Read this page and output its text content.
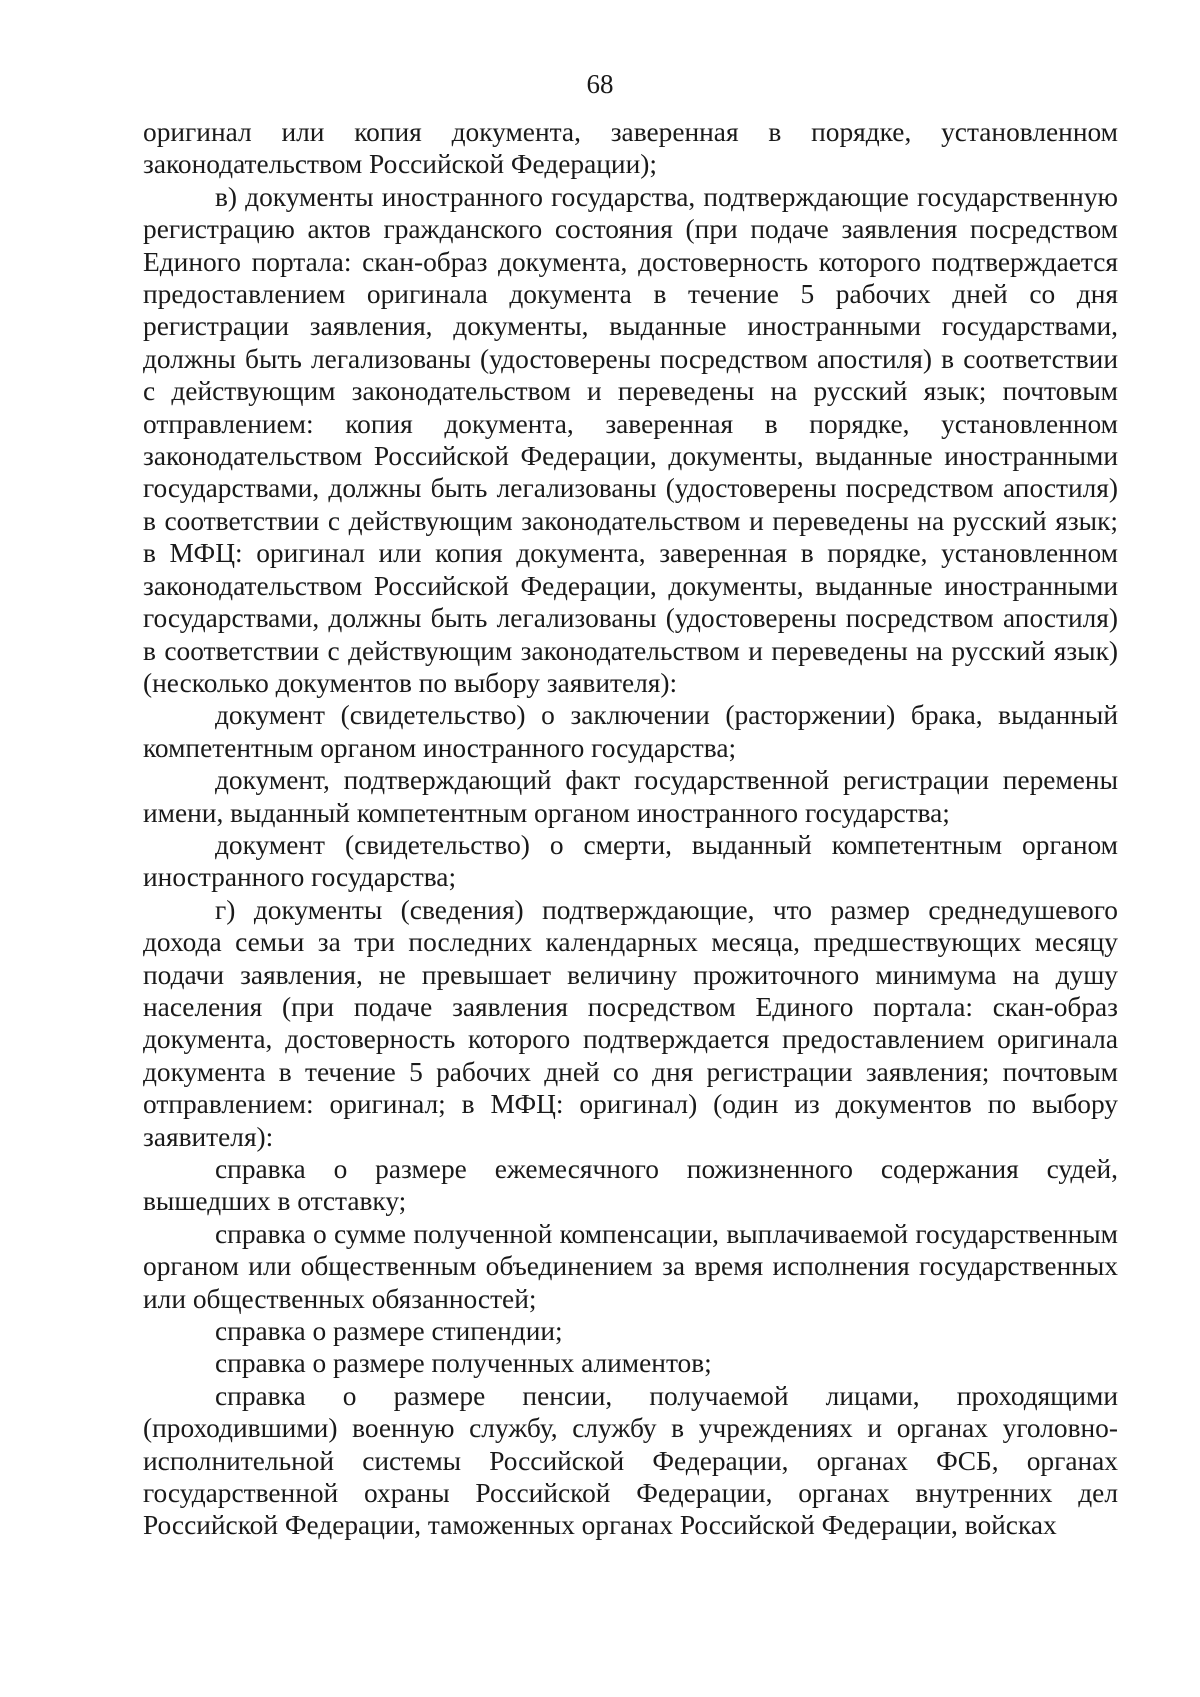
68

оригинал или копия документа, заверенная в порядке, установленном законодательством Российской Федерации);

в) документы иностранного государства, подтверждающие государственную регистрацию актов гражданского состояния (при подаче заявления посредством Единого портала: скан-образ документа, достоверность которого подтверждается предоставлением оригинала документа в течение 5 рабочих дней со дня регистрации заявления, документы, выданные иностранными государствами, должны быть легализованы (удостоверены посредством апостиля) в соответствии с действующим законодательством и переведены на русский язык; почтовым отправлением: копия документа, заверенная в порядке, установленном законодательством Российской Федерации, документы, выданные иностранными государствами, должны быть легализованы (удостоверены посредством апостиля) в соответствии с действующим законодательством и переведены на русский язык; в МФЦ: оригинал или копия документа, заверенная в порядке, установленном законодательством Российской Федерации, документы, выданные иностранными государствами, должны быть легализованы (удостоверены посредством апостиля) в соответствии с действующим законодательством и переведены на русский язык) (несколько документов по выбору заявителя):

документ (свидетельство) о заключении (расторжении) брака, выданный компетентным органом иностранного государства;

документ, подтверждающий факт государственной регистрации перемены имени, выданный компетентным органом иностранного государства;

документ (свидетельство) о смерти, выданный компетентным органом иностранного государства;

г) документы (сведения) подтверждающие, что размер среднедушевого дохода семьи за три последних календарных месяца, предшествующих месяцу подачи заявления, не превышает величину прожиточного минимума на душу населения (при подаче заявления посредством Единого портала: скан-образ документа, достоверность которого подтверждается предоставлением оригинала документа в течение 5 рабочих дней со дня регистрации заявления; почтовым отправлением: оригинал; в МФЦ: оригинал) (один из документов по выбору заявителя):

справка о размере ежемесячного пожизненного содержания судей, вышедших в отставку;

справка о сумме полученной компенсации, выплачиваемой государственным органом или общественным объединением за время исполнения государственных или общественных обязанностей;

справка о размере стипендии;

справка о размере полученных алиментов;

справка о размере пенсии, получаемой лицами, проходящими (проходившими) военную службу, службу в учреждениях и органах уголовно-исполнительной системы Российской Федерации, органах ФСБ, органах государственной охраны Российской Федерации, органах внутренних дел Российской Федерации, таможенных органах Российской Федерации, войсках
